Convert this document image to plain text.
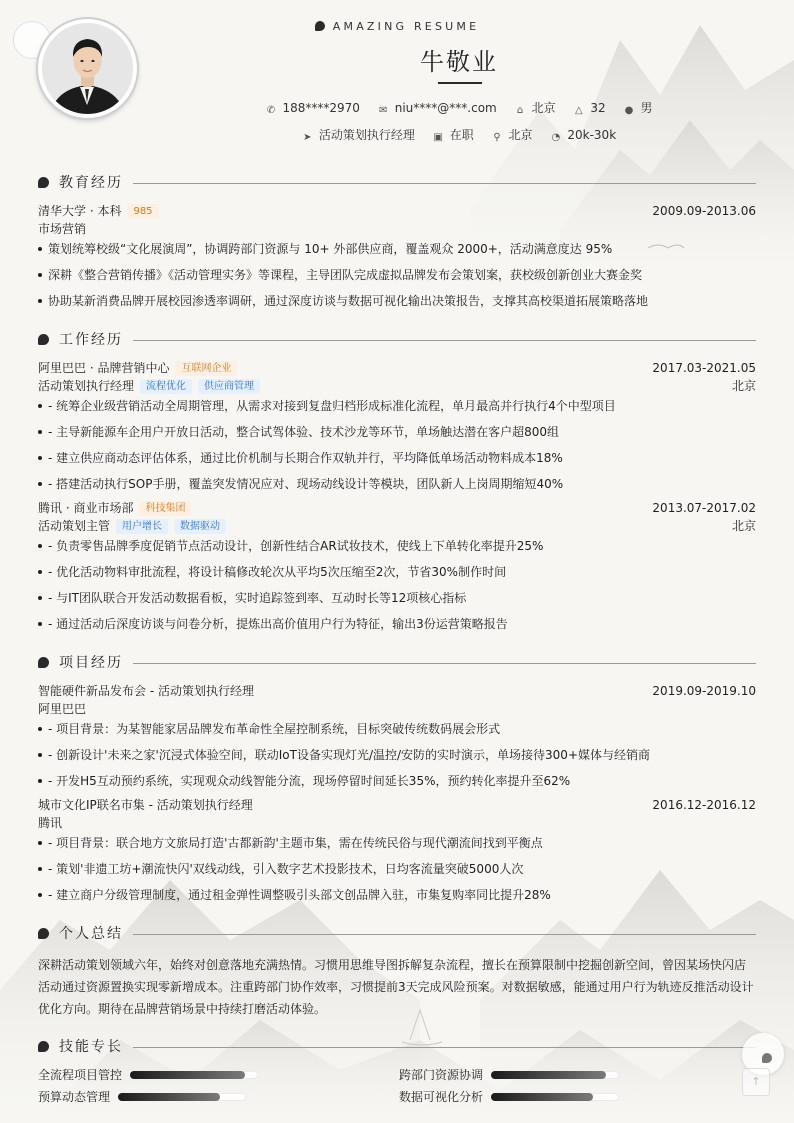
AMAZING RESUME
牛敬业
✆ 188****2970 ✉ niu****@***.com ⌂ 北京 △ 32 ● 男
➤ 活动策划执行经理 ▣ 在职 ⚲ 北京 ◔ 20k-30k
教育经历
清华大学 · 本科 985	2009.09-2013.06
市场营销
策划统筹校级“文化展演周”，协调跨部门资源与 10+ 外部供应商，覆盖观众 2000+，活动满意度达 95%
深耕《整合营销传播》《活动管理实务》等课程，主导团队完成虚拟品牌发布会策划案，获校级创新创业大赛金奖
协助某新消费品牌开展校园渗透率调研，通过深度访谈与数据可视化输出决策报告，支撑其高校渠道拓展策略落地
工作经历
阿里巴巴 · 品牌营销中心 互联网企业	2017.03-2021.05
活动策划执行经理 流程优化 供应商管理	北京
- 统筹企业级营销活动全周期管理，从需求对接到复盘归档形成标准化流程，单月最高并行执行4个中型项目
- 主导新能源车企用户开放日活动，整合试驾体验、技术沙龙等环节，单场触达潜在客户超800组
- 建立供应商动态评估体系，通过比价机制与长期合作双轨并行，平均降低单场活动物料成本18%
- 搭建活动执行SOP手册，覆盖突发情况应对、现场动线设计等模块，团队新人上岗周期缩短40%
腾讯 · 商业市场部 科技集团	2013.07-2017.02
活动策划主管 用户增长 数据驱动	北京
- 负责零售品牌季度促销节点活动设计，创新性结合AR试妆技术，使线上下单转化率提升25%
- 优化活动物料审批流程，将设计稿修改轮次从平均5次压缩至2次，节省30%制作时间
- 与IT团队联合开发活动数据看板，实时追踪签到率、互动时长等12项核心指标
- 通过活动后深度访谈与问卷分析，提炼出高价值用户行为特征，输出3份运营策略报告
项目经历
智能硬件新品发布会 - 活动策划执行经理	2019.09-2019.10
阿里巴巴
- 项目背景：为某智能家居品牌发布革命性全屋控制系统，目标突破传统数码展会形式
- 创新设计'未来之家'沉浸式体验空间，联动IoT设备实现灯光/温控/安防的实时演示，单场接待300+媒体与经销商
- 开发H5互动预约系统，实现观众动线智能分流，现场停留时间延长35%，预约转化率提升至62%
城市文化IP联名市集 - 活动策划执行经理	2016.12-2016.12
腾讯
- 项目背景：联合地方文旅局打造'古都新韵'主题市集，需在传统民俗与现代潮流间找到平衡点
- 策划'非遗工坊+潮流快闪'双线动线，引入数字艺术投影技术，日均客流量突破5000人次
- 建立商户分级管理制度，通过租金弹性调整吸引头部文创品牌入驻，市集复购率同比提升28%
个人总结
深耕活动策划领域六年，始终对创意落地充满热情。习惯用思维导图拆解复杂流程，擅长在预算限制中挖掘创新空间，曾因某场快闪店活动通过资源置换实现零新增成本。注重跨部门协作效率，习惯提前3天完成风险预案。对数据敏感，能通过用户行为轨迹反推活动设计优化方向。期待在品牌营销场景中持续打磨活动体验。
技能专长
全流程项目管控	跨部门资源协调
预算动态管理	数据可视化分析
↑
